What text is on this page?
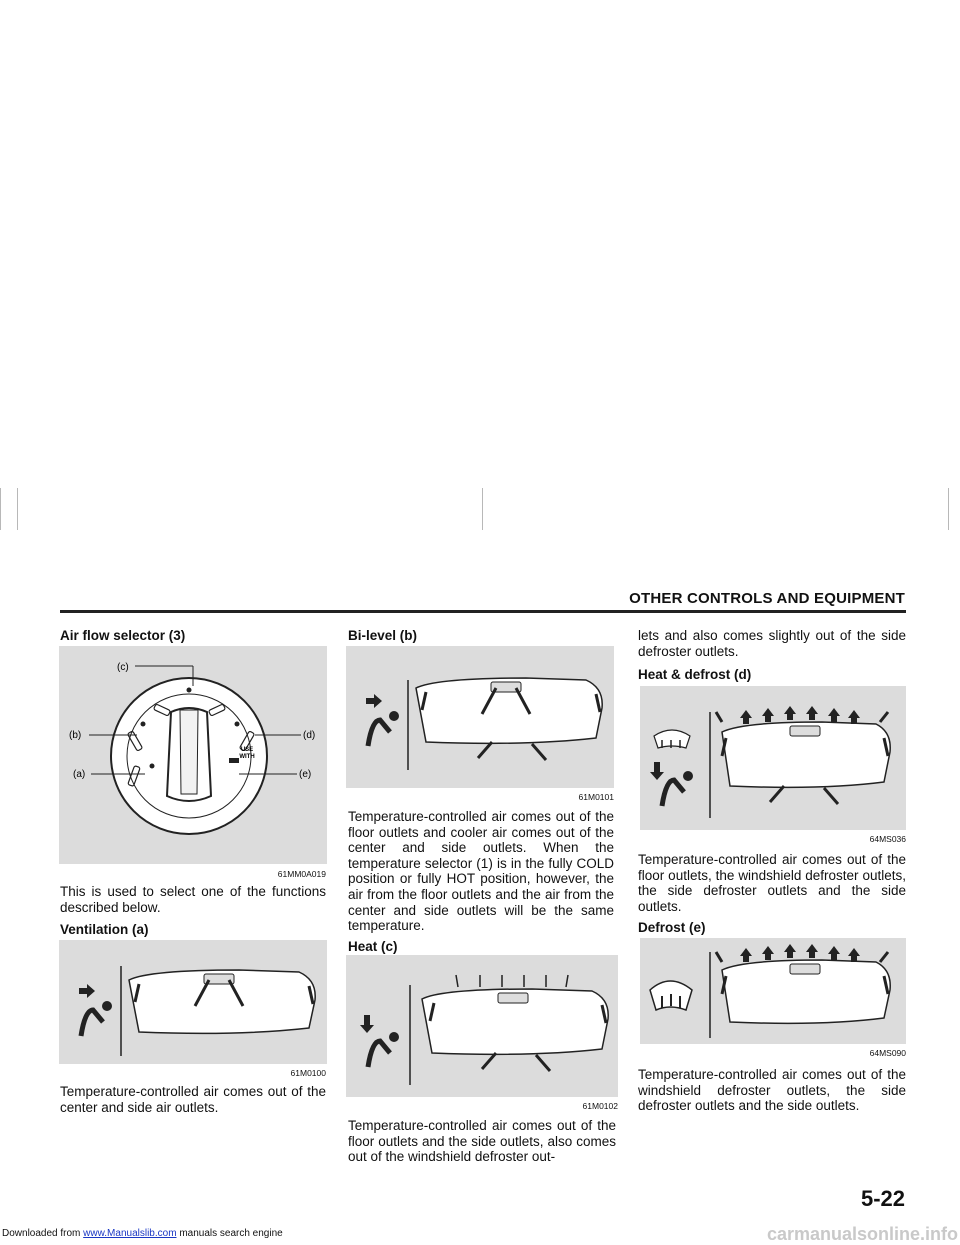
OTHER CONTROLS AND EQUIPMENT
Air flow selector (3)
USE
WITH
(c)
(b)	(d)
(a)	(e)
61MM0A019
This is used to select one of the functions described below.
Ventilation (a)
61M0100
Temperature-controlled air comes out of the center and side air outlets.
Bi-level (b)
61M0101
Temperature-controlled air comes out of the floor outlets and cooler air comes out of the center and side outlets. When the temperature selector (1) is in the fully COLD position or fully HOT position, however, the air from the floor outlets and the air from the center and side outlets will be the same temperature.
Heat (c)
61M0102
Temperature-controlled air comes out of the floor outlets and the side outlets, also comes out of the windshield defroster out-
lets and also comes slightly out of the side defroster outlets.
Heat & defrost (d)
64MS036
Temperature-controlled air comes out of the floor outlets, the windshield defroster outlets, the side defroster outlets and the side outlets.
Defrost (e)
64MS090
Temperature-controlled air comes out of the windshield defroster outlets, the side defroster outlets and the side outlets.
5-22
Downloaded from www.Manualslib.com manuals search engine	carmanualsonline.info
